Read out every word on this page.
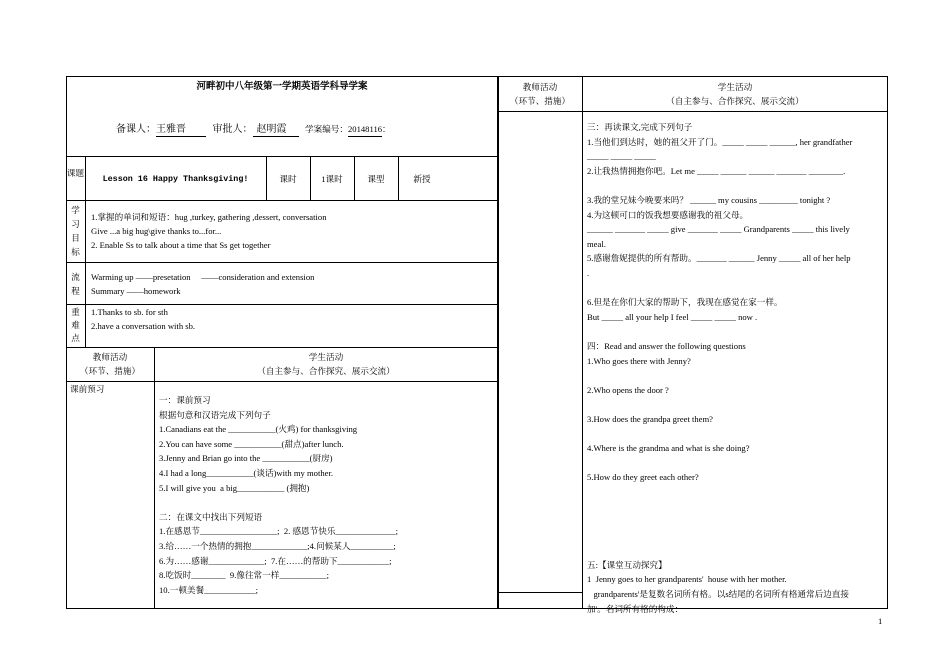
河畔初中八年级第一学期英语学科导学案
备课人：王雅晋	审批人： 赵明霞 学案编号：20148116：
课题
Lesson 16 Happy Thanksgiving!	课时	1课时	课型	新授
学习目标
1.掌握的单词和短语：hug ,turkey, gathering ,dessert, conversation
Give ...a big hug\give thanks to...for...
2. Enable Ss to talk about a time that Ss get together
流程
Warming up ——presetation     ——consideration and extension
Summary ——homework
重难点
1.Thanks to sb. for sth
2.have a conversation with sb.
教师活动
（环节、措施）
学生活动
（自主参与、合作探究、展示交流）
课前预习
一：课前预习
根据句意和汉语完成下列句子
1.Canadians eat the ___________(火鸡) for thanksgiving
2.You can have some ___________(甜点)after lunch.
3.Jenny and Brian go into the ___________(厨房)
4.I had a long___________(谈话)with my mother.
5.I will give you  a big___________ (拥抱)
二：在课文中找出下列短语
1.在感恩节__________________;  2. 感恩节快乐______________;
3.给……一个热情的拥抱_____________;4.问候某人__________;
6.为……感谢_____________;  7.在……的帮助下____________;
8.吃饭时________  9.像往常一样___________;
10.一顿美餐____________;
教师活动
（环节、措施）
学生活动
（自主参与、合作探究、展示交流）
三：再读课文,完成下列句子
1.当他们到达时，她的祖父开了门。_____ _____ ______, her grandfather
_____ _____ _____
2.让我热情拥抱你吧。Let me _____ ______ ______ _______ ________.
3.我的堂兄妹今晚要来吗？ ______ my cousins _________ tonight ?
4.为这顿可口的饭我想要感谢我的祖父母。
______ _______ _____ give _______ _____ Grandparents _____ this lively
meal.
5.感谢詹妮提供的所有帮助。_______ ______ Jenny _____ all of her help
.
6.但是在你们大家的帮助下，我现在感觉在家一样。
But _____ all your help I feel _____ _____ now .
四：Read and answer the following questions
1.Who goes there with Jenny?
2.Who opens the door ?
3.How does the grandpa greet them?
4.Where is the grandma and what is she doing?
5.How do they greet each other?
五:【课堂互动探究】
1  Jenny goes to her grandparents'  house with her mother.
grandparents'是复数名词所有格。以s结尾的名词所有格通常后边直接
加'。名词所有格的构成：
1
